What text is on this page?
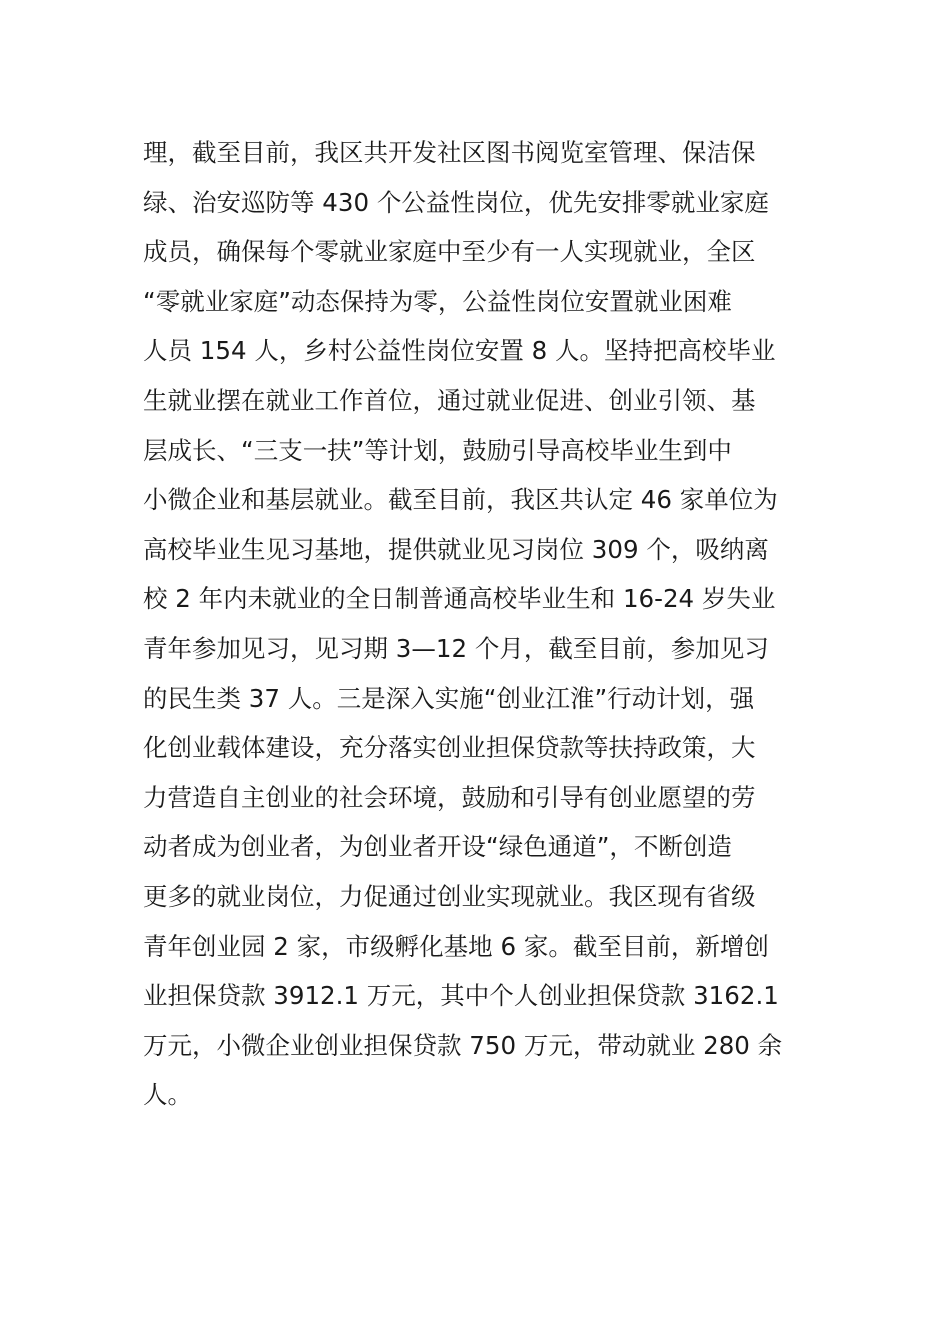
理，截至目前，我区共开发社区图书阅览室管理、保洁保
绿、治安巡防等 430 个公益性岗位，优先安排零就业家庭
成员，确保每个零就业家庭中至少有一人实现就业，全区
“零就业家庭”动态保持为零，公益性岗位安置就业困难
人员 154 人，乡村公益性岗位安置 8 人。坚持把高校毕业
生就业摆在就业工作首位，通过就业促进、创业引领、基
层成长、“三支一扶”等计划，鼓励引导高校毕业生到中
小微企业和基层就业。截至目前，我区共认定 46 家单位为
高校毕业生见习基地，提供就业见习岗位 309 个，吸纳离
校 2 年内未就业的全日制普通高校毕业生和 16-24 岁失业
青年参加见习，见习期 3—12 个月，截至目前，参加见习
的民生类 37 人。三是深入实施“创业江淮”行动计划，强
化创业载体建设，充分落实创业担保贷款等扶持政策，大
力营造自主创业的社会环境，鼓励和引导有创业愿望的劳
动者成为创业者，为创业者开设“绿色通道”，不断创造
更多的就业岗位，力促通过创业实现就业。我区现有省级
青年创业园 2 家，市级孵化基地 6 家。截至目前，新增创
业担保贷款 3912.1 万元，其中个人创业担保贷款 3162.1
万元，小微企业创业担保贷款 750 万元，带动就业 280 余
人。
